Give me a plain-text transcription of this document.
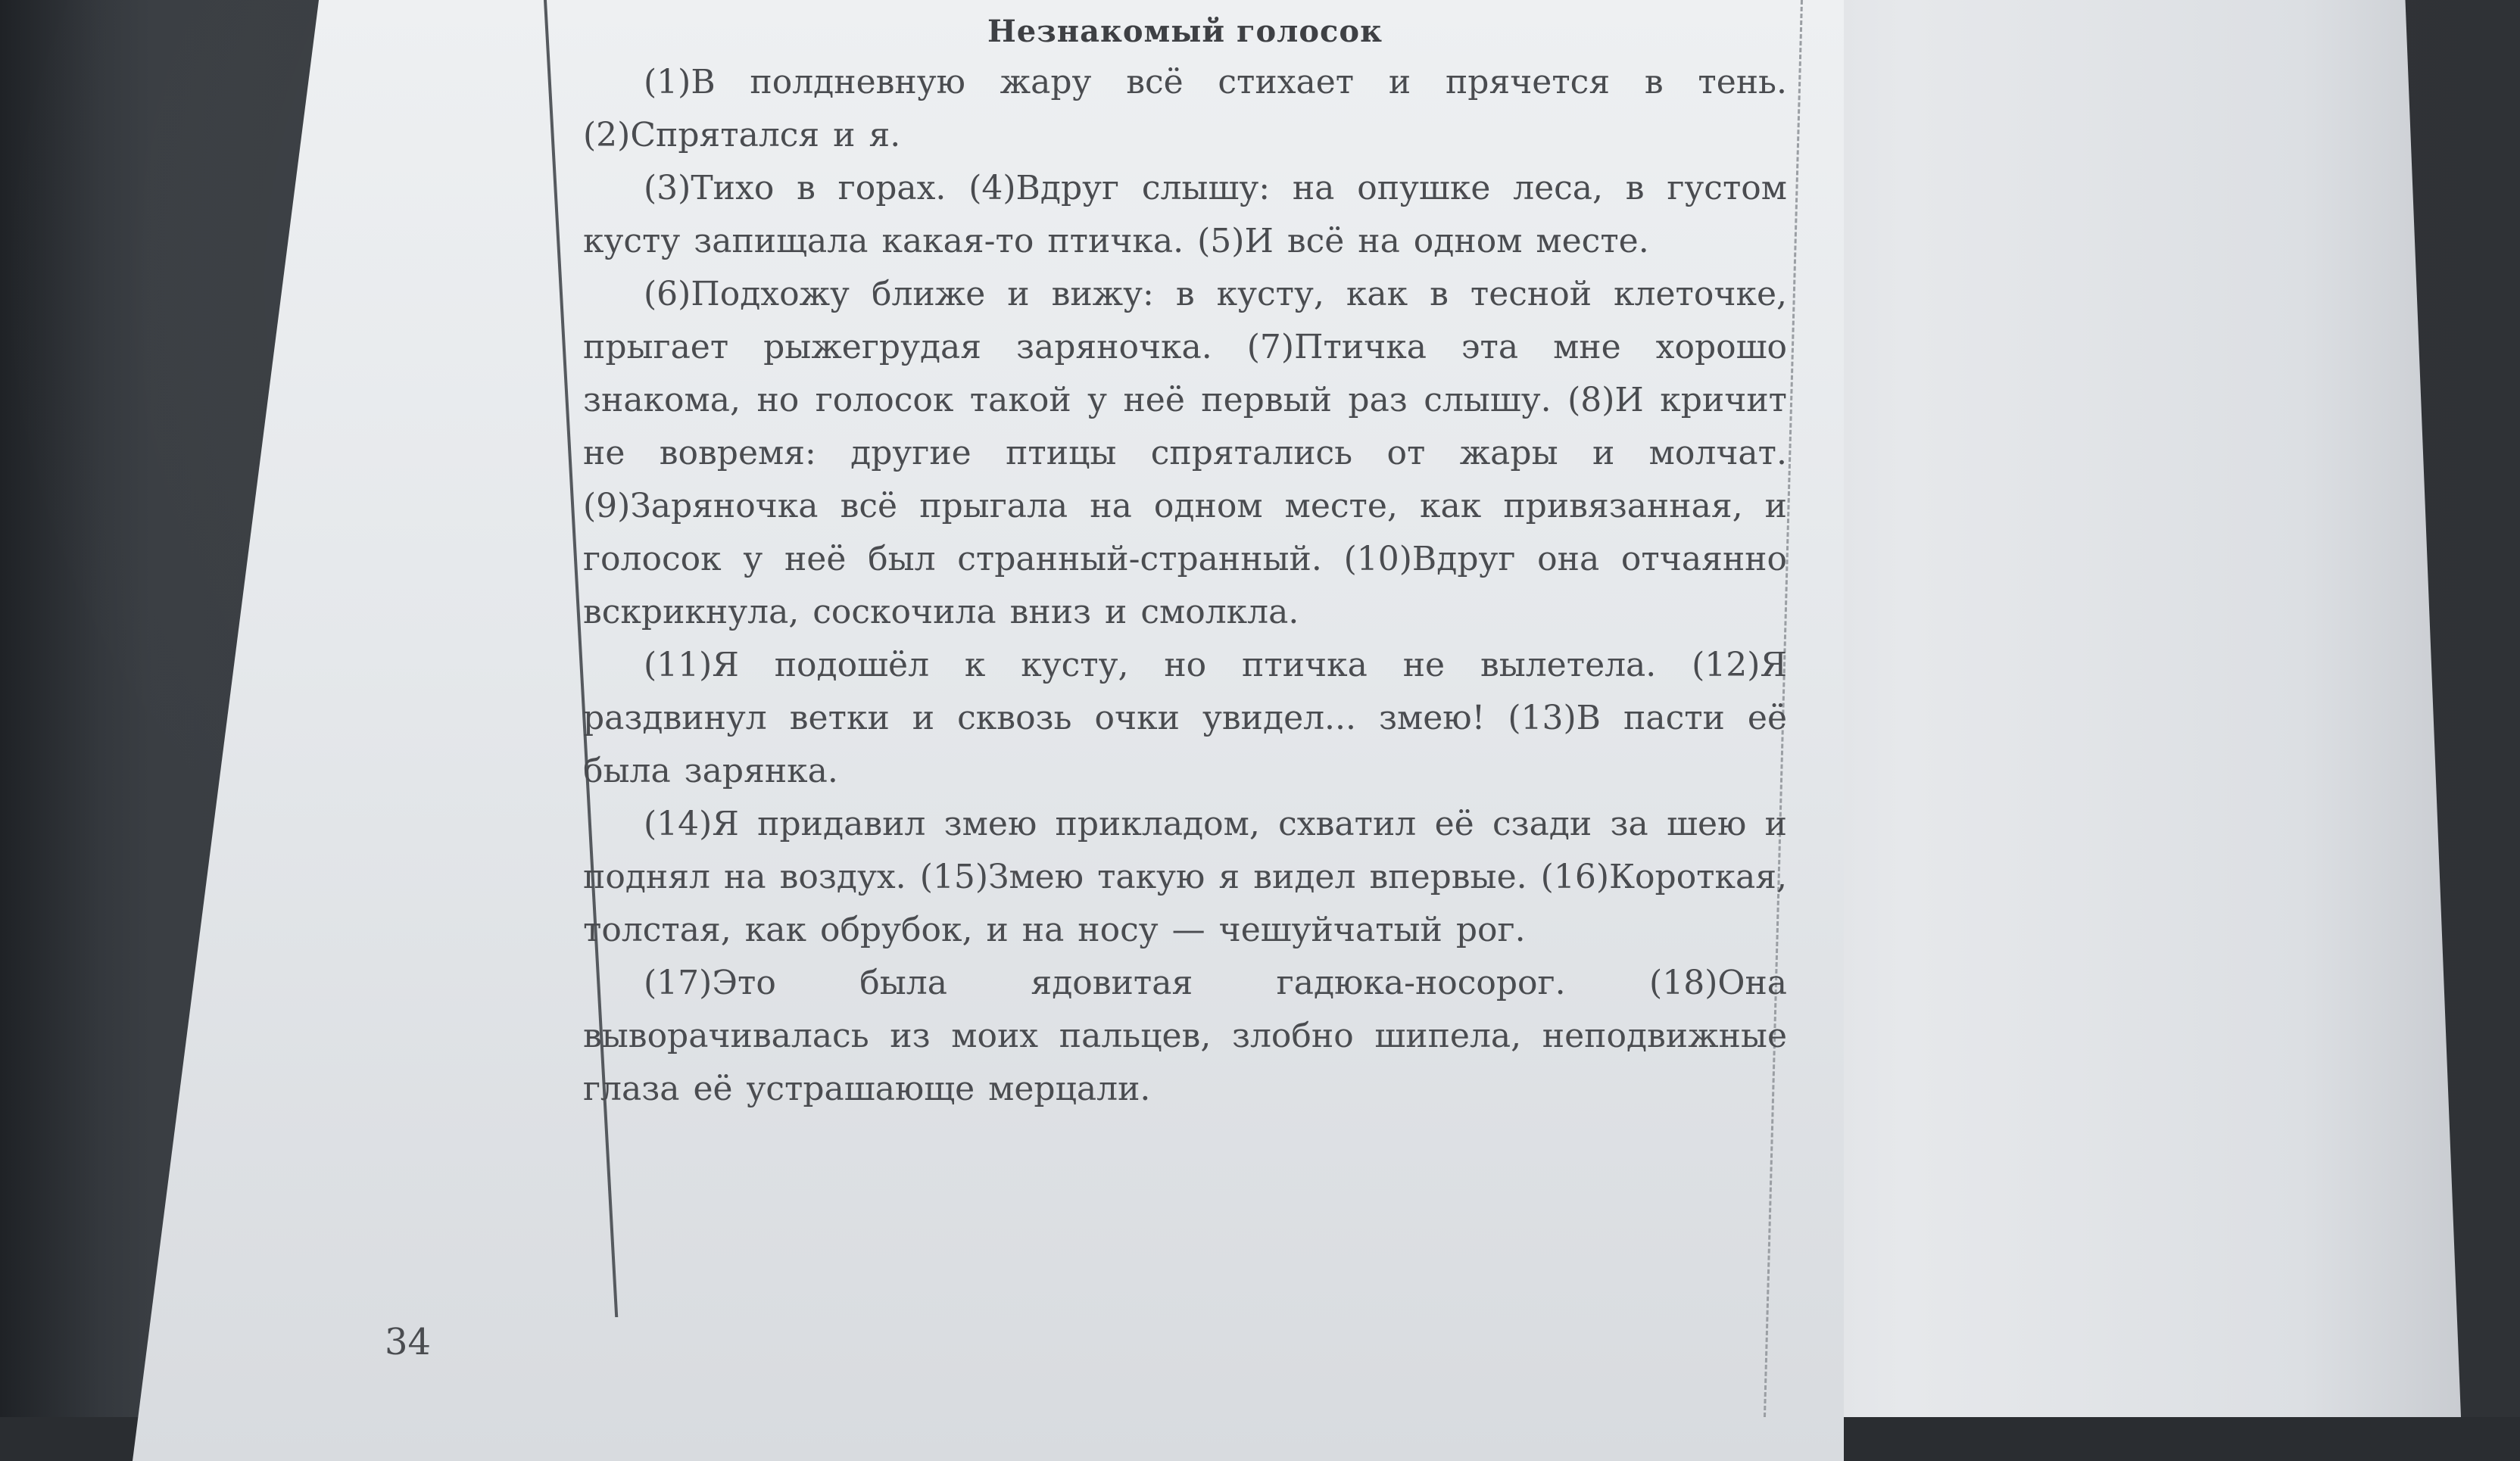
Незнакомый голосок

(1)В полдневную жару всё стихает и прячется в тень. (2)Спрятался и я.

(3)Тихо в горах. (4)Вдруг слышу: на опушке леса, в густом кусту запищала какая-то птичка. (5)И всё на одном месте.

(6)Подхожу ближе и вижу: в кусту, как в тесной клеточке, прыгает рыжегрудая заряночка. (7)Птичка эта мне хорошо знакома, но голосок такой у неё первый раз слышу. (8)И кричит не вовремя: другие птицы спрятались от жары и молчат. (9)Заряночка всё прыгала на одном месте, как привязанная, и голосок у неё был странный-странный. (10)Вдруг она отчаянно вскрикнула, соскочила вниз и смолкла.

(11)Я подошёл к кусту, но птичка не вылетела. (12)Я раздвинул ветки и сквозь очки увидел... змею! (13)В пасти её была зарянка.

(14)Я придавил змею прикладом, схватил её сзади за шею и поднял на воздух. (15)Змею такую я видел впервые. (16)Короткая, толстая, как обрубок, и на носу — чешуйчатый рог.

(17)Это была ядовитая гадюка-носорог. (18)Она выворачивалась из моих пальцев, злобно шипела, неподвижные глаза её устрашающе мерцали.

34
